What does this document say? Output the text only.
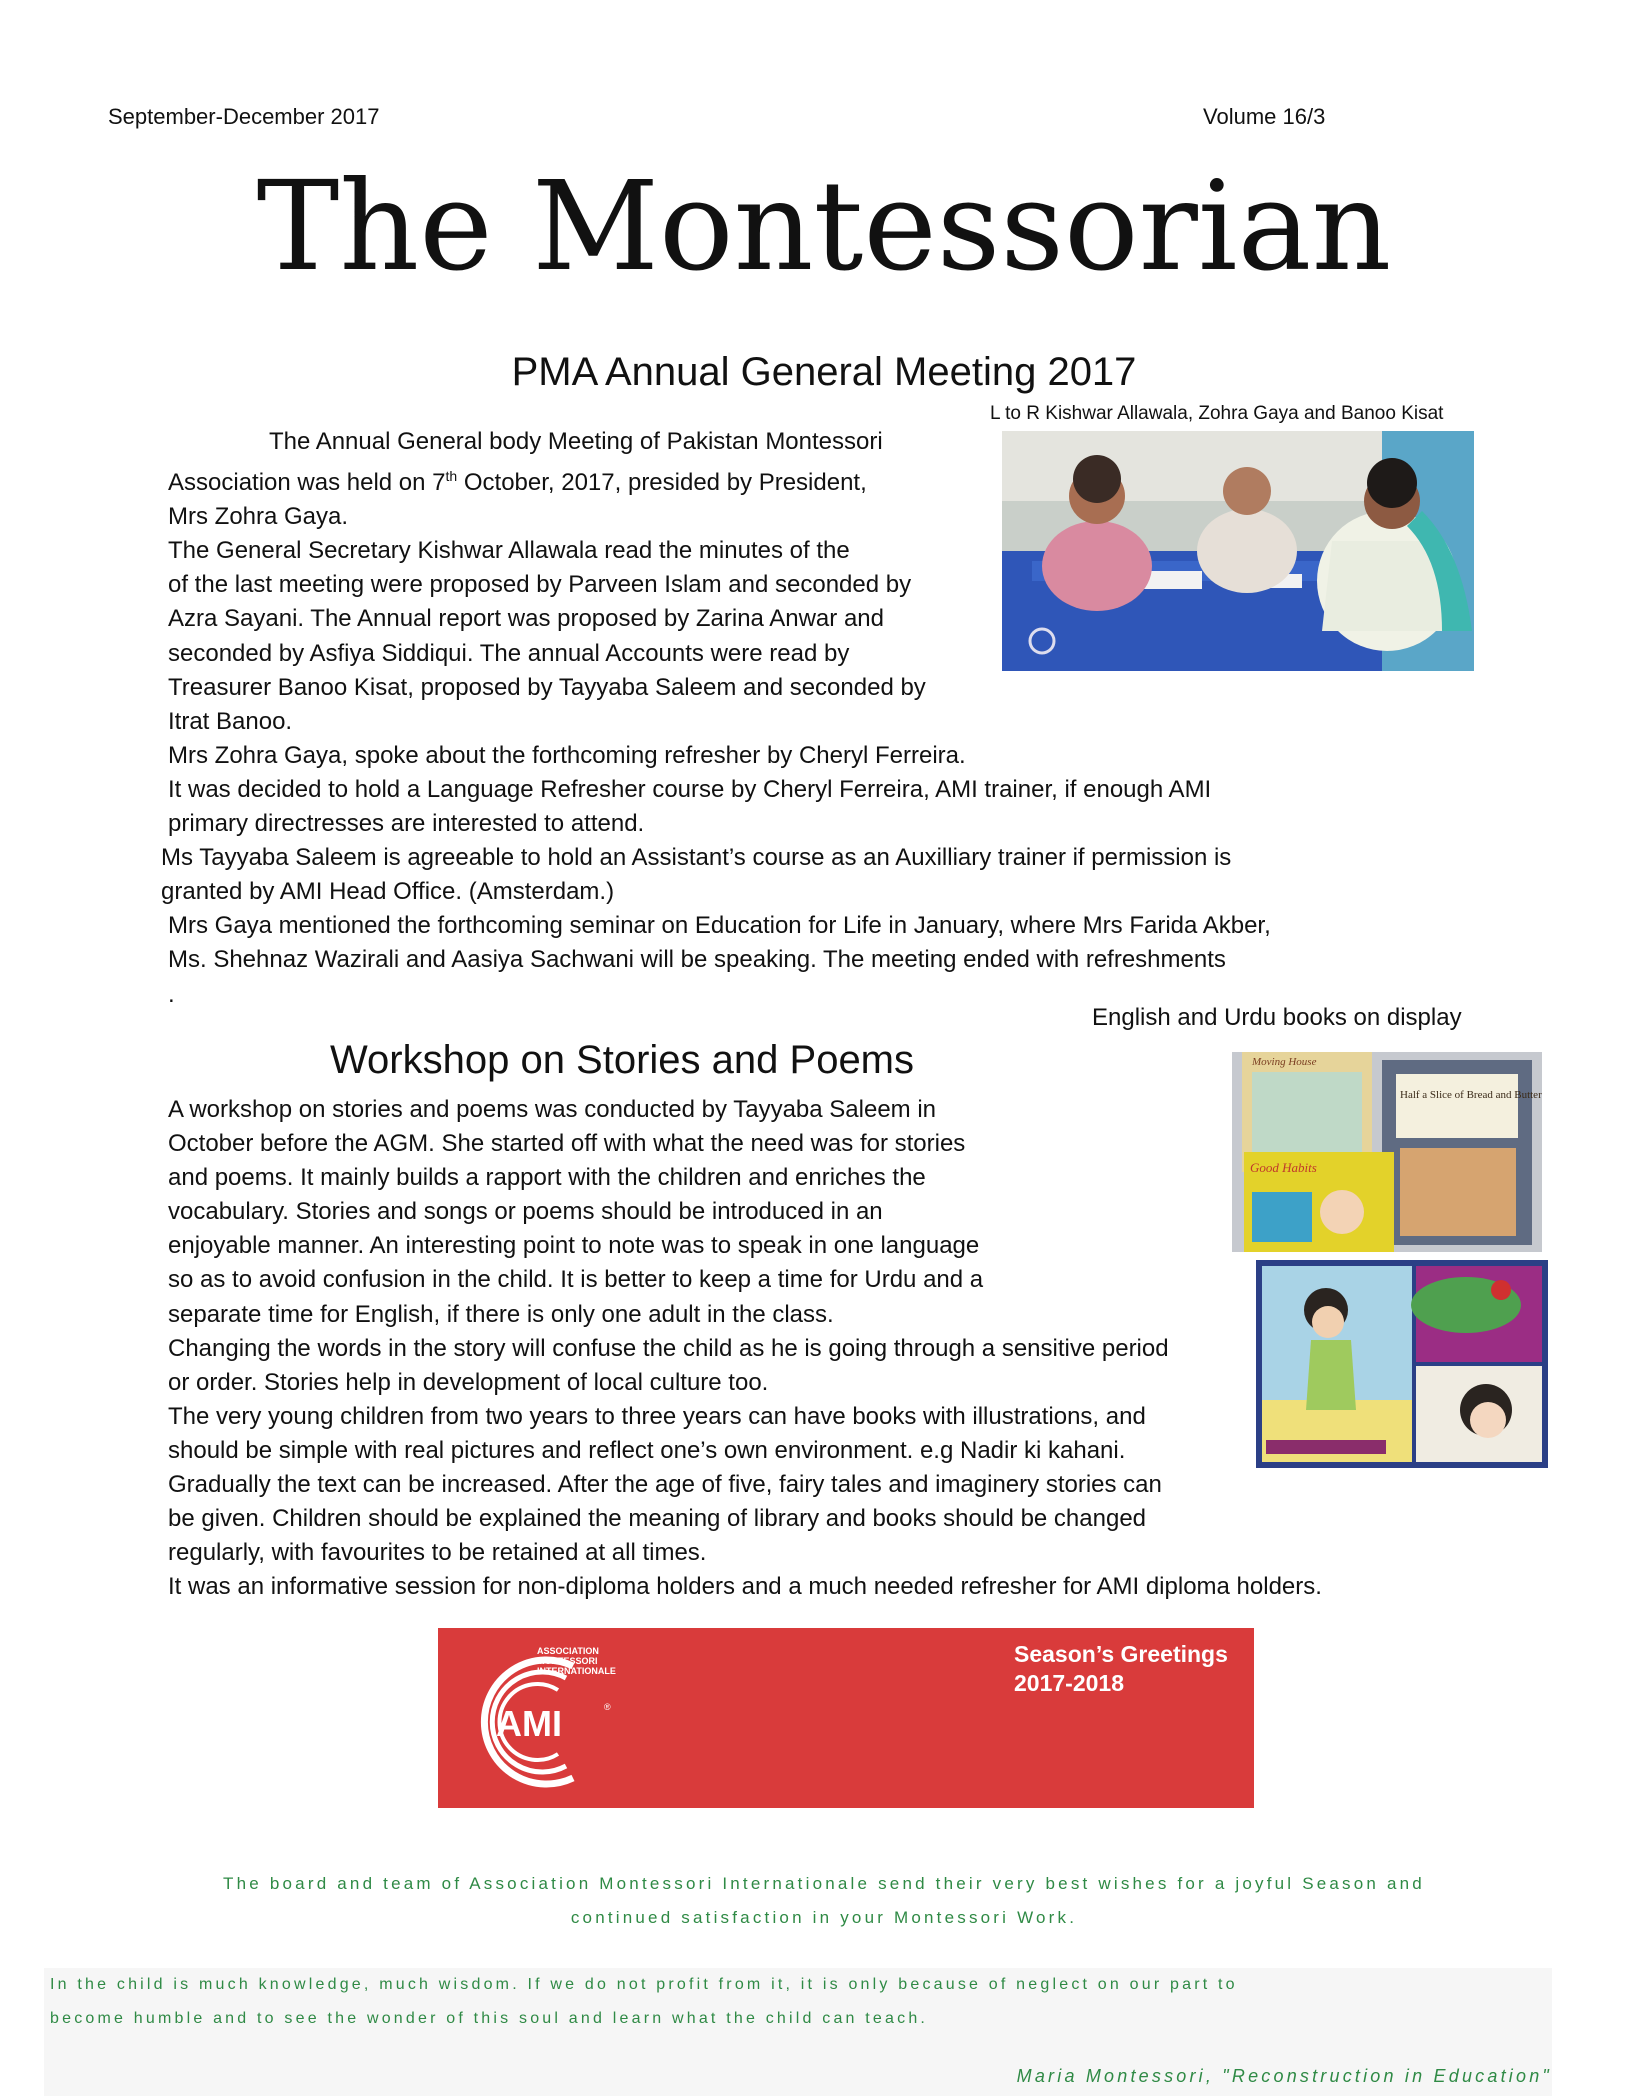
September-December 2017	Volume 16/3
The Montessorian
PMA Annual General Meeting 2017
L to R Kishwar Allawala, Zohra Gaya and Banoo Kisat
The Annual General body Meeting of Pakistan Montessori
Association was held on 7th October, 2017, presided by President,
Mrs Zohra Gaya.
The General Secretary Kishwar Allawala read the minutes of the
of the last meeting were proposed by Parveen Islam and seconded by
Azra Sayani. The Annual report was proposed by Zarina Anwar and
seconded by Asfiya Siddiqui. The annual Accounts were read by
Treasurer Banoo Kisat, proposed by Tayyaba Saleem and seconded by
Itrat Banoo.
Mrs Zohra Gaya, spoke about the forthcoming refresher by Cheryl Ferreira.
It was decided to hold a Language Refresher course by Cheryl Ferreira, AMI trainer, if enough AMI
primary directresses are interested to attend.
Ms Tayyaba Saleem is agreeable to hold an Assistant’s course as an Auxilliary trainer if permission is
granted by AMI Head Office. (Amsterdam.)
Mrs Gaya mentioned the forthcoming seminar on Education for Life in January, where Mrs Farida Akber,
Ms. Shehnaz Wazirali and Aasiya Sachwani will be speaking. The meeting ended with refreshments
.
English and Urdu books on display
Workshop on Stories and Poems	Moving House
Half a Slice of Bread and Butter
Good Habits
A workshop on stories and poems was conducted by Tayyaba Saleem in
October before the AGM. She started off with what the need was for stories
and poems. It mainly builds a rapport with the children and enriches the
vocabulary. Stories and songs or poems should be introduced in an
enjoyable manner. An interesting point to note was to speak in one language
so as to avoid confusion in the child. It is better to keep a time for Urdu and a
separate time for English, if there is only one adult in the class.
Changing the words in the story will confuse the child as he is going through a sensitive period
or order. Stories help in development of local culture too.
The very young children from two years to three years can have books with illustrations, and
should be simple with real pictures and reflect one’s own environment. e.g Nadir ki kahani.
Gradually the text can be increased. After the age of five, fairy tales and imaginery stories can
be given. Children should be explained the meaning of library and books should be changed
regularly, with favourites to be retained at all times.
It was an informative session for non-diploma holders and a much needed refresher for AMI diploma holders.
ASSOCIATION
MONTESSORI
INTERNATIONALE
AMI	®
Season’s Greetings
2017-2018
The board and team of Association Montessori Internationale send their very best wishes for a joyful Season and
continued satisfaction in your Montessori Work.
In the child is much knowledge, much wisdom. If we do not profit from it, it is only because of neglect on our part to
become humble and to see the wonder of this soul and learn what the child can teach.
Maria Montessori, "Reconstruction in Education"
